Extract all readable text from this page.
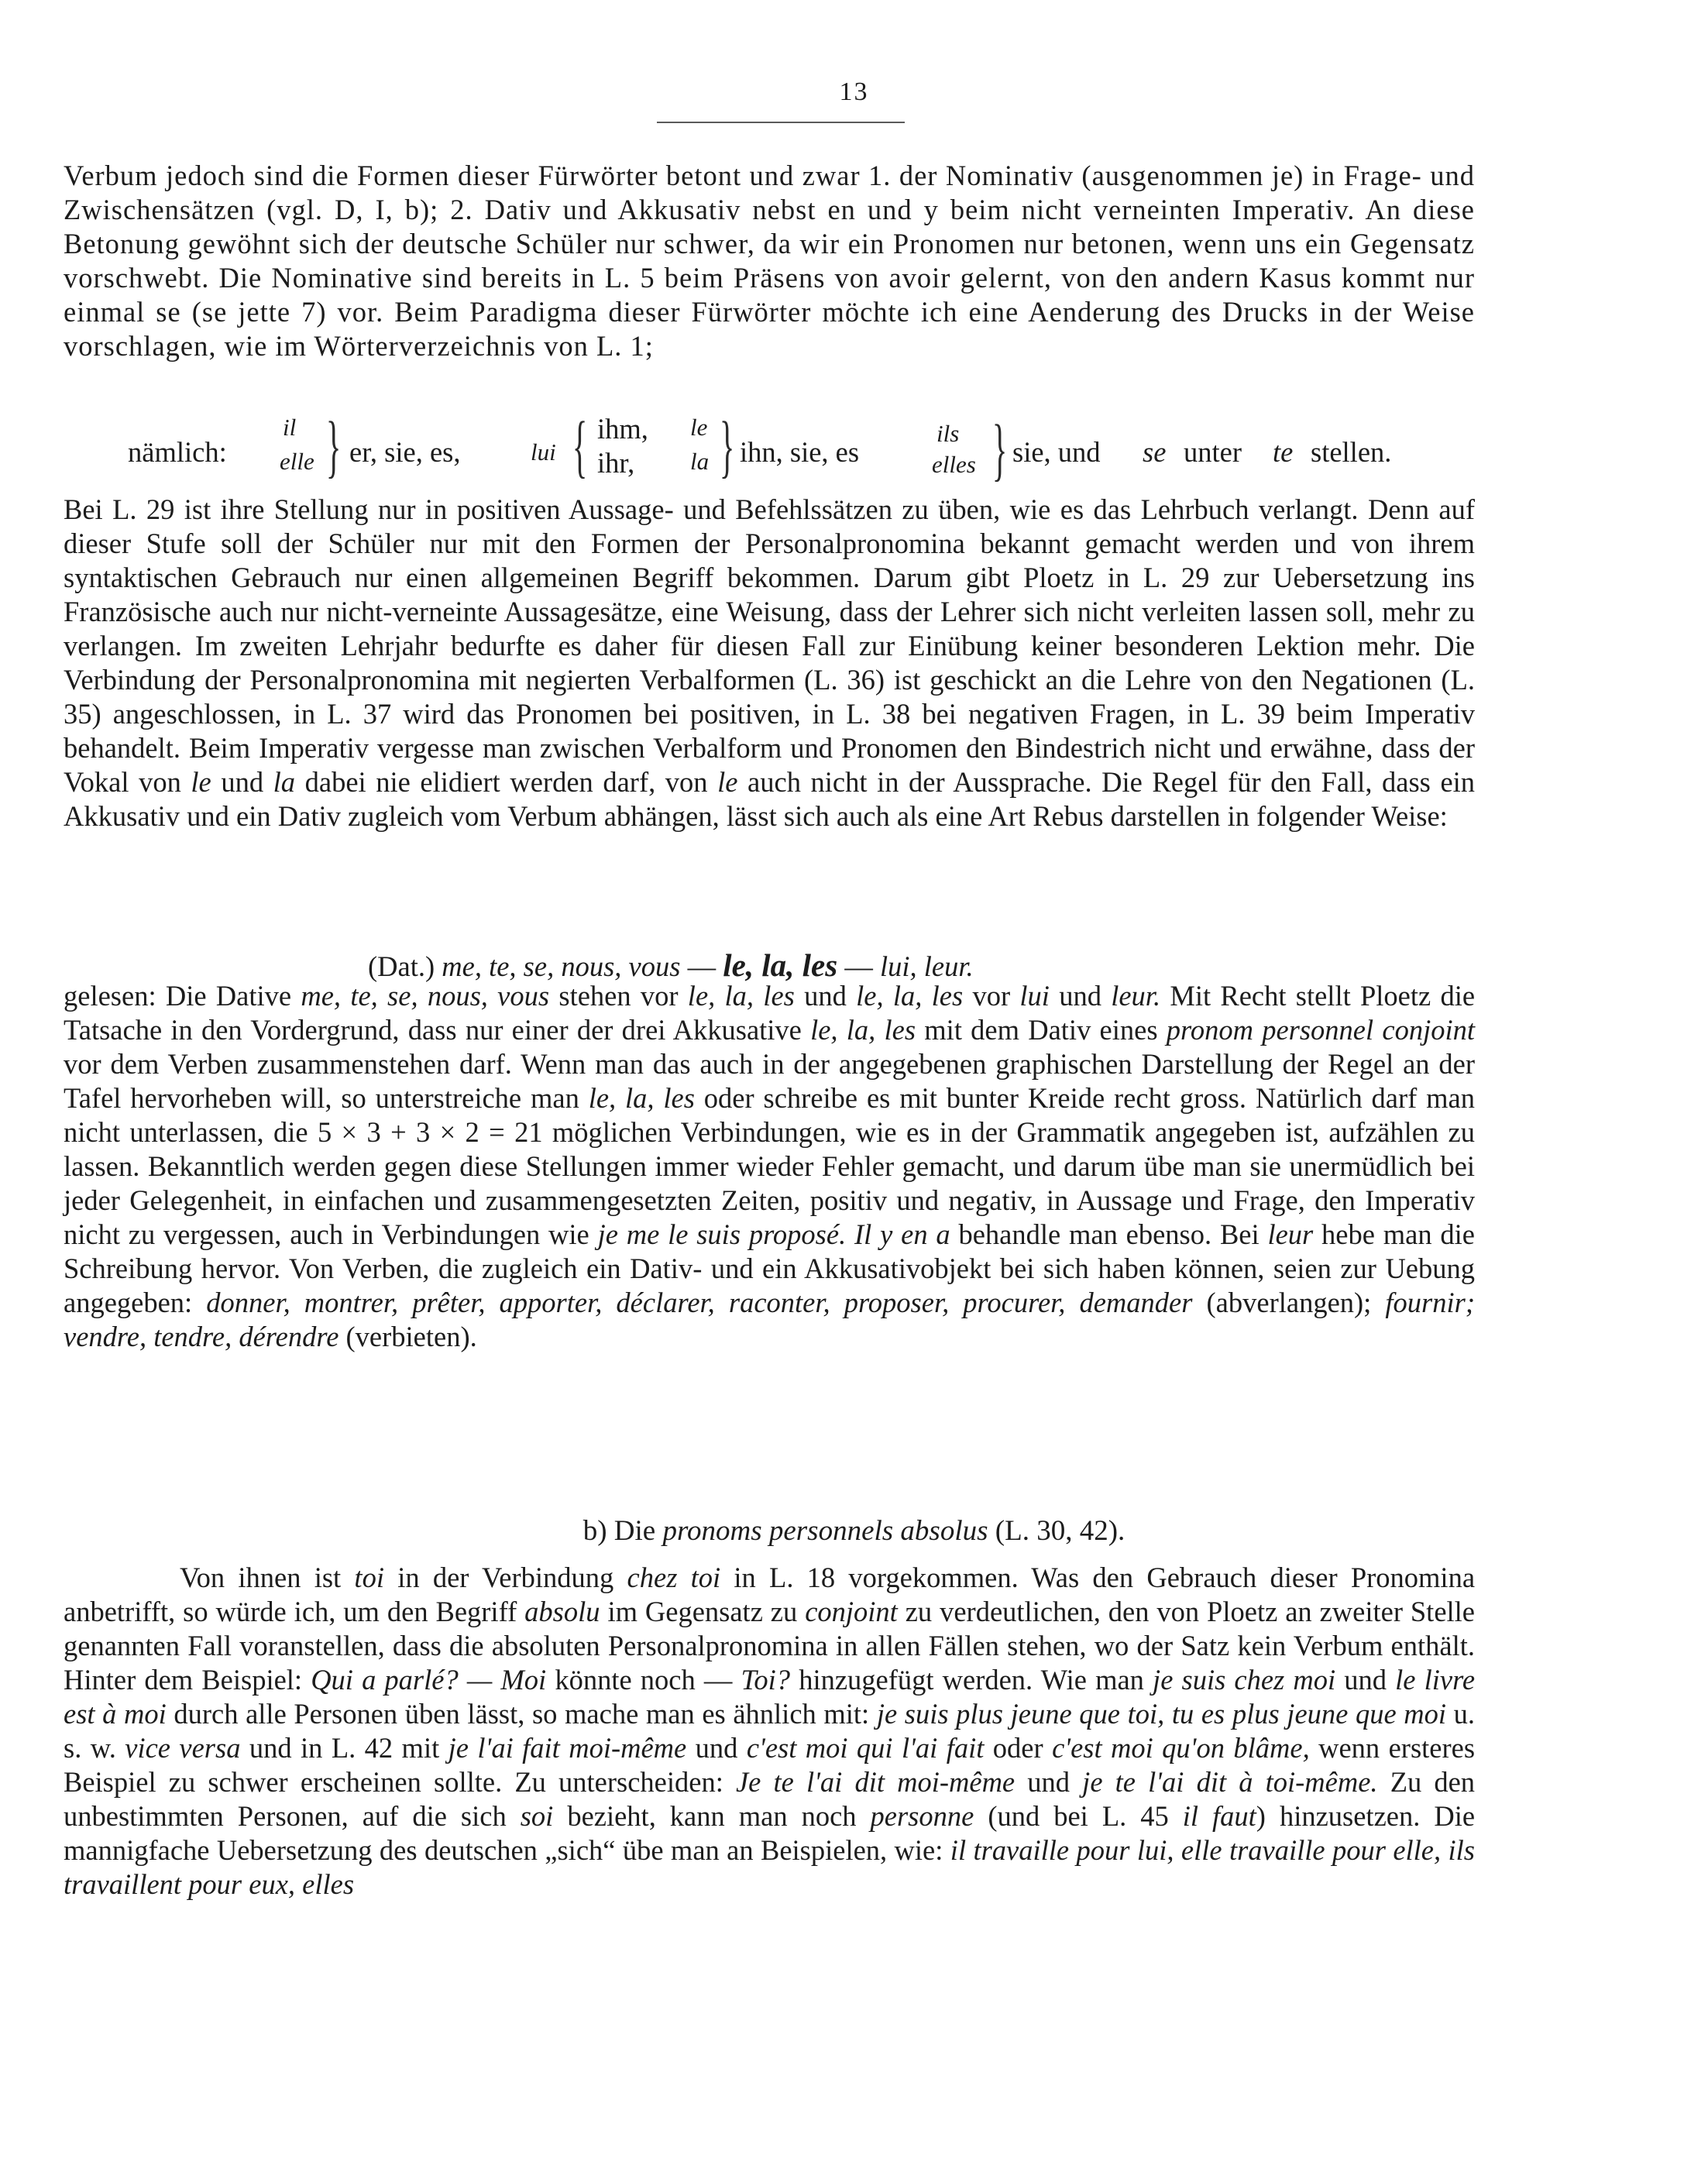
13

Verbum jedoch sind die Formen dieser Fürwörter betont und zwar 1. der Nominativ (ausgenommen je) in Frage- und Zwischensätzen (vgl. D, I, b); 2. Dativ und Akkusativ nebst en und y beim nicht verneinten Imperativ. An diese Betonung gewöhnt sich der deutsche Schüler nur schwer, da wir ein Pronomen nur betonen, wenn uns ein Gegensatz vorschwebt. Die Nominative sind bereits in L. 5 beim Präsens von avoir gelernt, von den andern Kasus kommt nur einmal se (se jette 7) vor. Beim Paradigma dieser Fürwörter möchte ich eine Aenderung des Drucks in der Weise vorschlagen, wie im Wörterverzeichnis von L. 1;

nämlich:
il
elle } er, sie, es,	lui { ihm,
ihr,
le
la } ihn, sie, es
ils
elles } sie, und se unter te stellen.

Bei L. 29 ist ihre Stellung nur in positiven Aussage- und Befehlssätzen zu üben, wie es das Lehrbuch verlangt. Denn auf dieser Stufe soll der Schüler nur mit den Formen der Personalpronomina bekannt gemacht werden und von ihrem syntaktischen Gebrauch nur einen allgemeinen Begriff bekommen. Darum gibt Ploetz in L. 29 zur Uebersetzung ins Französische auch nur nicht-verneinte Aussagesätze, eine Weisung, dass der Lehrer sich nicht verleiten lassen soll, mehr zu verlangen. Im zweiten Lehrjahr bedurfte es daher für diesen Fall zur Einübung keiner besonderen Lektion mehr. Die Verbindung der Personalpronomina mit negierten Verbalformen (L. 36) ist geschickt an die Lehre von den Negationen (L. 35) angeschlossen, in L. 37 wird das Pronomen bei positiven, in L. 38 bei negativen Fragen, in L. 39 beim Imperativ behandelt. Beim Imperativ vergesse man zwischen Verbalform und Pronomen den Bindestrich nicht und erwähne, dass der Vokal von le und la dabei nie elidiert werden darf, von le auch nicht in der Aussprache. Die Regel für den Fall, dass ein Akkusativ und ein Dativ zugleich vom Verbum abhängen, lässt sich auch als eine Art Rebus darstellen in folgender Weise:

(Dat.) me, te, se, nous, vous — le, la, les — lui, leur.

gelesen: Die Dative me, te, se, nous, vous stehen vor le, la, les und le, la, les vor lui und leur. Mit Recht stellt Ploetz die Tatsache in den Vordergrund, dass nur einer der drei Akkusative le, la, les mit dem Dativ eines pronom personnel conjoint vor dem Verben zusammenstehen darf. Wenn man das auch in der angegebenen graphischen Darstellung der Regel an der Tafel hervorheben will, so unterstreiche man le, la, les oder schreibe es mit bunter Kreide recht gross. Natürlich darf man nicht unterlassen, die 5 × 3 + 3 × 2 = 21 möglichen Verbindungen, wie es in der Grammatik angegeben ist, aufzählen zu lassen. Bekanntlich werden gegen diese Stellungen immer wieder Fehler gemacht, und darum übe man sie unermüdlich bei jeder Gelegenheit, in einfachen und zusammengesetzten Zeiten, positiv und negativ, in Aussage und Frage, den Imperativ nicht zu vergessen, auch in Verbindungen wie je me le suis proposé. Il y en a behandle man ebenso. Bei leur hebe man die Schreibung hervor. Von Verben, die zugleich ein Dativ- und ein Akkusativobjekt bei sich haben können, seien zur Uebung angegeben: donner, montrer, prêter, apporter, déclarer, raconter, proposer, procurer, demander (abverlangen); fournir; vendre, tendre, dérendre (verbieten).

b) Die pronoms personnels absolus (L. 30, 42).

Von ihnen ist toi in der Verbindung chez toi in L. 18 vorgekommen. Was den Gebrauch dieser Pronomina anbetrifft, so würde ich, um den Begriff absolu im Gegensatz zu conjoint zu verdeutlichen, den von Ploetz an zweiter Stelle genannten Fall voranstellen, dass die absoluten Personalpronomina in allen Fällen stehen, wo der Satz kein Verbum enthält. Hinter dem Beispiel: Qui a parlé? — Moi könnte noch — Toi? hinzugefügt werden. Wie man je suis chez moi und le livre est à moi durch alle Personen üben lässt, so mache man es ähnlich mit: je suis plus jeune que toi, tu es plus jeune que moi u. s. w. vice versa und in L. 42 mit je l'ai fait moi-même und c'est moi qui l'ai fait oder c'est moi qu'on blâme, wenn ersteres Beispiel zu schwer erscheinen sollte. Zu unterscheiden: Je te l'ai dit moi-même und je te l'ai dit à toi-même. Zu den unbestimmten Personen, auf die sich soi bezieht, kann man noch personne (und bei L. 45 il faut) hinzusetzen. Die mannigfache Uebersetzung des deutschen „sich“ übe man an Beispielen, wie: il travaille pour lui, elle travaille pour elle, ils travaillent pour eux, elles
